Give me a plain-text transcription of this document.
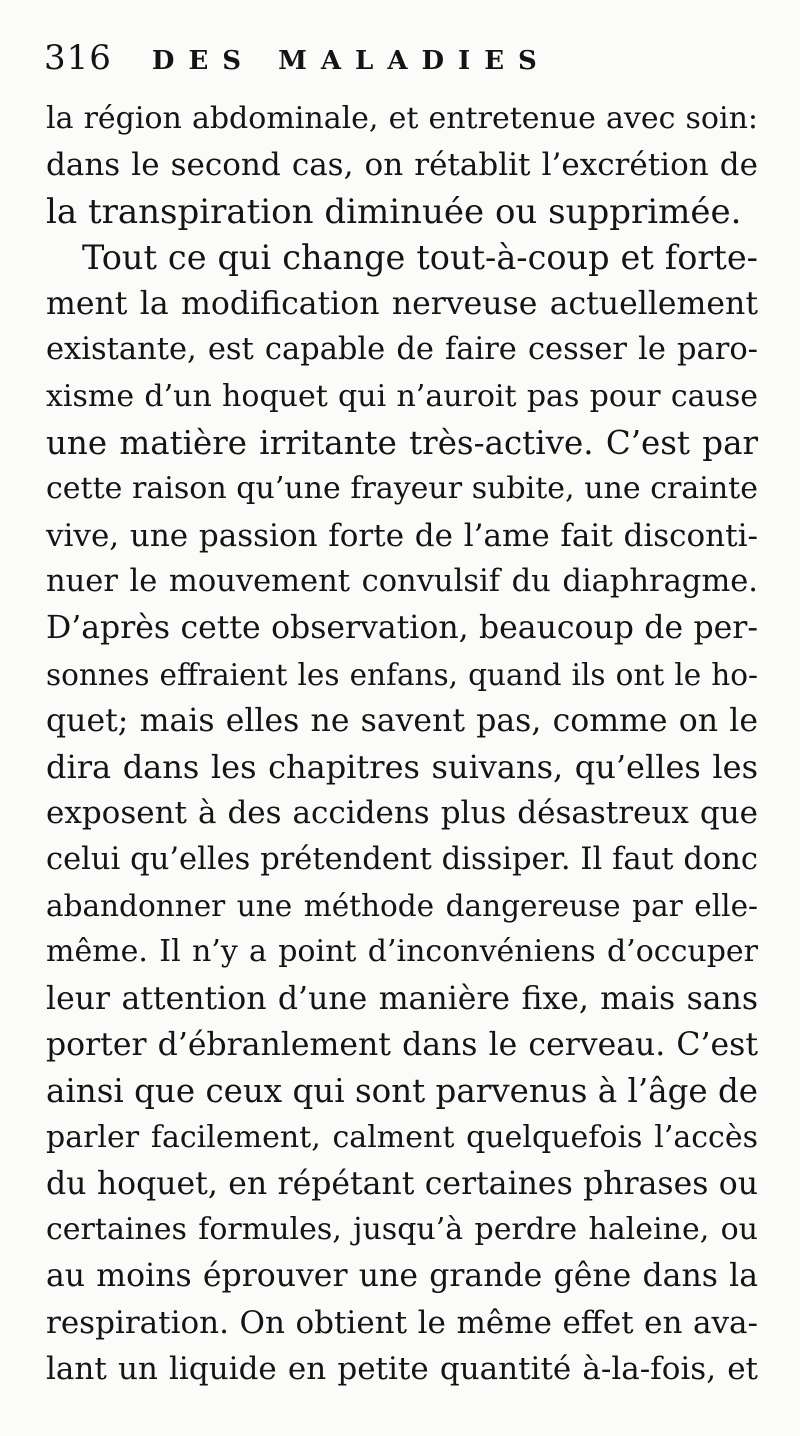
316 DES MALADIES
la région abdominale, et entretenue avec soin:
dans le second cas, on rétablit l’excrétion de
la transpiration diminuée ou supprimée.
Tout ce qui change tout-à-coup et forte-
ment la modification nerveuse actuellement
existante, est capable de faire cesser le paro-
xisme d’un hoquet qui n’auroit pas pour cause
une matière irritante très-active. C’est par
cette raison qu’une frayeur subite, une crainte
vive, une passion forte de l’ame fait disconti-
nuer le mouvement convulsif du diaphragme.
D’après cette observation, beaucoup de per-
sonnes effraient les enfans, quand ils ont le ho-
quet; mais elles ne savent pas, comme on le
dira dans les chapitres suivans, qu’elles les
exposent à des accidens plus désastreux que
celui qu’elles prétendent dissiper. Il faut donc
abandonner une méthode dangereuse par elle-
même. Il n’y a point d’inconvéniens d’occuper
leur attention d’une manière fixe, mais sans
porter d’ébranlement dans le cerveau. C’est
ainsi que ceux qui sont parvenus à l’âge de
parler facilement, calment quelquefois l’accès
du hoquet, en répétant certaines phrases ou
certaines formules, jusqu’à perdre haleine, ou
au moins éprouver une grande gêne dans la
respiration. On obtient le même effet en ava-
lant un liquide en petite quantité à-la-fois, et
